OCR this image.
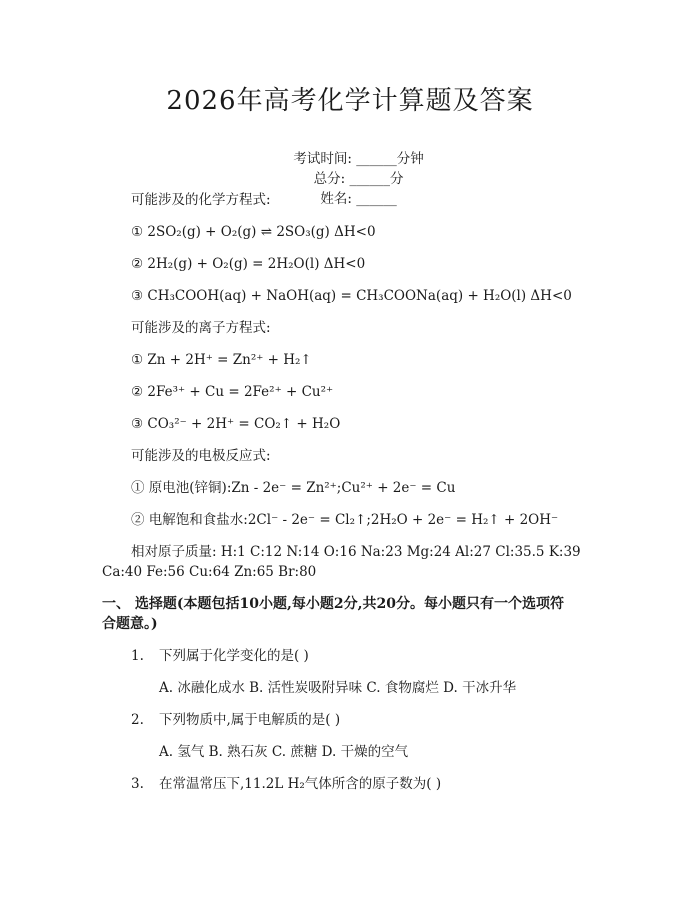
2026年高考化学计算题及答案

考试时间: ______分钟
总分: ______分
姓名: ______

可能涉及的化学方程式:
① 2SO₂(g) + O₂(g) ⇌ 2SO₃(g) ΔH<0
② 2H₂(g) + O₂(g) = 2H₂O(l) ΔH<0
③ CH₃COOH(aq) + NaOH(aq) = CH₃COONa(aq) + H₂O(l) ΔH<0
可能涉及的离子方程式:
① Zn + 2H⁺ = Zn²⁺ + H₂↑
② 2Fe³⁺ + Cu = 2Fe²⁺ + Cu²⁺
③ CO₃²⁻ + 2H⁺ = CO₂↑ + H₂O
可能涉及的电极反应式:
① 原电池(锌铜):Zn - 2e⁻ = Zn²⁺;Cu²⁺ + 2e⁻ = Cu
② 电解饱和食盐水:2Cl⁻ - 2e⁻ = Cl₂↑;2H₂O + 2e⁻ = H₂↑ + 2OH⁻
相对原子质量: H:1 C:12 N:14 O:16 Na:23 Mg:24 Al:27 Cl:35.5 K:39
Ca:40 Fe:56 Cu:64 Zn:65 Br:80
一、 选择题(本题包括10小题,每小题2分,共20分。每小题只有一个选项符
合题意。)
1. 下列属于化学变化的是( )
A. 冰融化成水 B. 活性炭吸附异味 C. 食物腐烂 D. 干冰升华
2. 下列物质中,属于电解质的是( )
A. 氢气 B. 熟石灰 C. 蔗糖 D. 干燥的空气
3. 在常温常压下,11.2L H₂气体所含的原子数为( )
